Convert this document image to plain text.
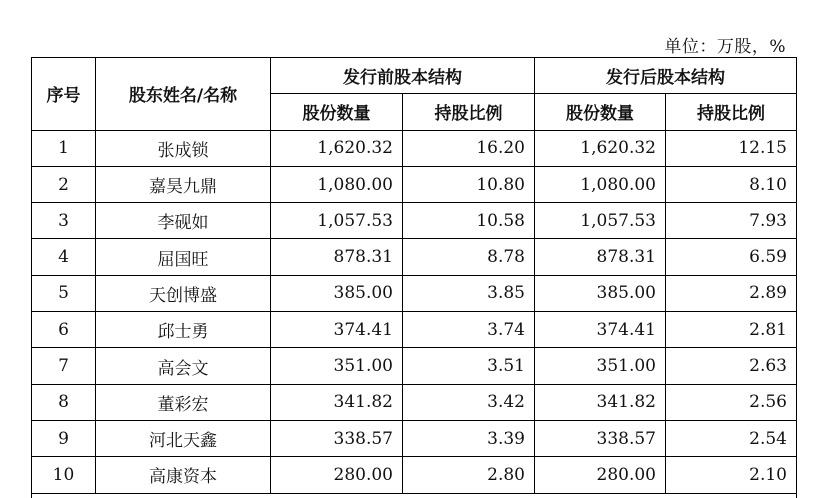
单位：万股，%
序号	股东姓名/名称	发行前股本结构		发行后股本结构	
		股份数量	持股比例	股份数量	持股比例
1	张成锁	1,620.32	16.20	1,620.32	12.15
2	嘉昊九鼎	1,080.00	10.80	1,080.00	8.10
3	李砚如	1,057.53	10.58	1,057.53	7.93
4	屈国旺	878.31	8.78	878.31	6.59
5	天创博盛	385.00	3.85	385.00	2.89
6	邱士勇	374.41	3.74	374.41	2.81
7	高会文	351.00	3.51	351.00	2.63
8	董彩宏	341.82	3.42	341.82	2.56
9	河北天鑫	338.57	3.39	338.57	2.54
10	高康资本	280.00	2.80	280.00	2.10
